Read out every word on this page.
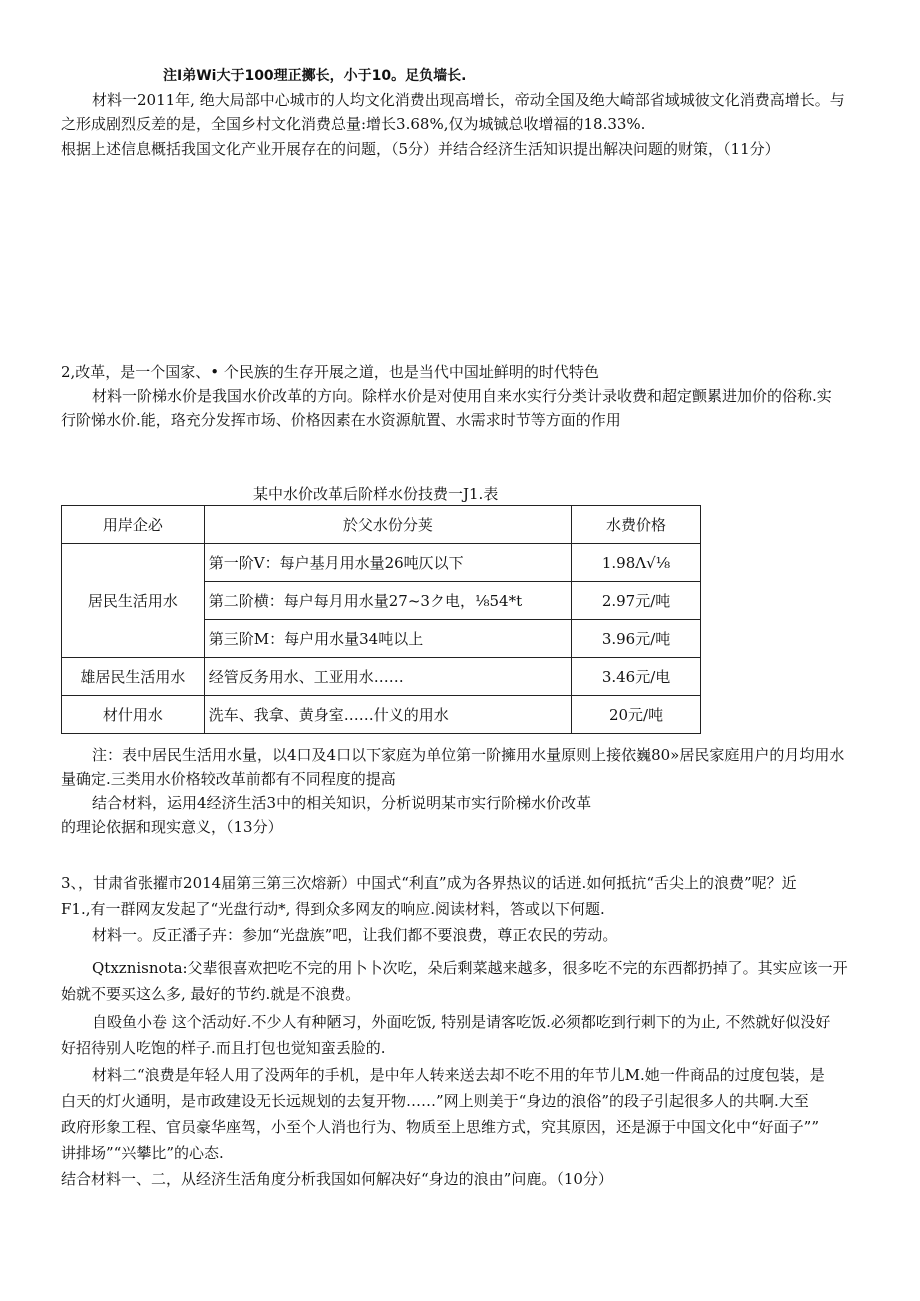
注I弟Wi大于100理正擲长，小于10。足负墙长.
材料一2011年, 绝大局部中心城市的人均文化消费出现高增长，帝动全国及绝大崎部省域城彼文化消费高增长。与
之形成剧烈反差的是，全国乡村文化消费总量:增长3.68%,仅为城铖总收增福的18.33%.
根据上述信息概括我国文化产业开展存在的问题，（5分）并结合经济生活知识提出解决问题的财策，（11分）
2,改革，是一个国家、• 个民族的生存开展之道，也是当代中国址鲜明的时代特色
材料一阶梯水价是我国水价改革的方向。除样水价是对使用自来水实行分类计录收费和超定颤累进加价的俗称.实
行阶悌水价.能，珞充分发挥市场、价格因素在水资源航置、水需求时节等方面的作用
某中水价改革后阶样水份技费一J1.表
用岸企必	於父水份分荚	水费价格
居民生活用水	第一阶V：每户基月用水量26吨仄以下	1.98Λ√⅛
	第二阶横：每户每月用水量27~3ク电，⅛54*t	2.97元/吨
	第三阶M：每户用水量34吨以上	3.96元/吨
雄居民生活用水	经管反务用水、工亚用水……	3.46元/电
材什用水	洗车、我拿、黄身室……什义的用水	20元/吨
注：表中居民生活用水量，以4口及4口以下家庭为单位第一阶擁用水量原则上接依巍80»居民家庭用户的月均用水
量确定.三类用水价格较改革前都有不同程度的提高
结合材料，运用4经济生活3中的相关知识，分析说明某市实行阶梯水价改革
的理论依据和现实意义，（13分）
3、，甘肃省张擢市2014届第三第三次熔新）中国式“利直”成为各界热议的话迸.如何抵抗“舌尖上的浪费”呢？近
F1.,有一群网友发起了“光盘行动*, 得到众多网友的响应.阅读材料，答或以下何题.
材料一。反正潘子卉：参加“光盘族”吧，让我们都不要浪费，尊正农民的劳动。
Qtxznisnota:父辈很喜欢把吃不完的用卜卜次吃，朵后剩菜越来越多，很多吃不完的东西都扔掉了。其实应该一开
始就不要买这么多, 最好的节约.就是不浪费。
自殴鱼小卷 这个活动好.不少人有种陋习，外面吃饭, 特别是请客吃饭.必须都吃到行刺下的为止, 不然就好似没好
好招待别人吃饱的样子.而且打包也觉知蛮丢脸的.
材料二“浪费是年轻人用了没两年的手机，是中年人转来送去却不吃不用的年节儿M.她一件商品的过度包装，是
白天的灯火通明，是市政建设无长远规划的去复开物……”网上则美于“身边的浪俗”的段子引起很多人的共啊.大至
政府形象工程、官员豪华座驾，小至个人消也行为、物质至上思维方式，究其原因，还是源于中国文化中“好面子””
讲排场”“兴攀比”的心态.
结合材料一、二，从经济生活角度分析我国如何解决好“身边的浪由”问鹿。（10分）
